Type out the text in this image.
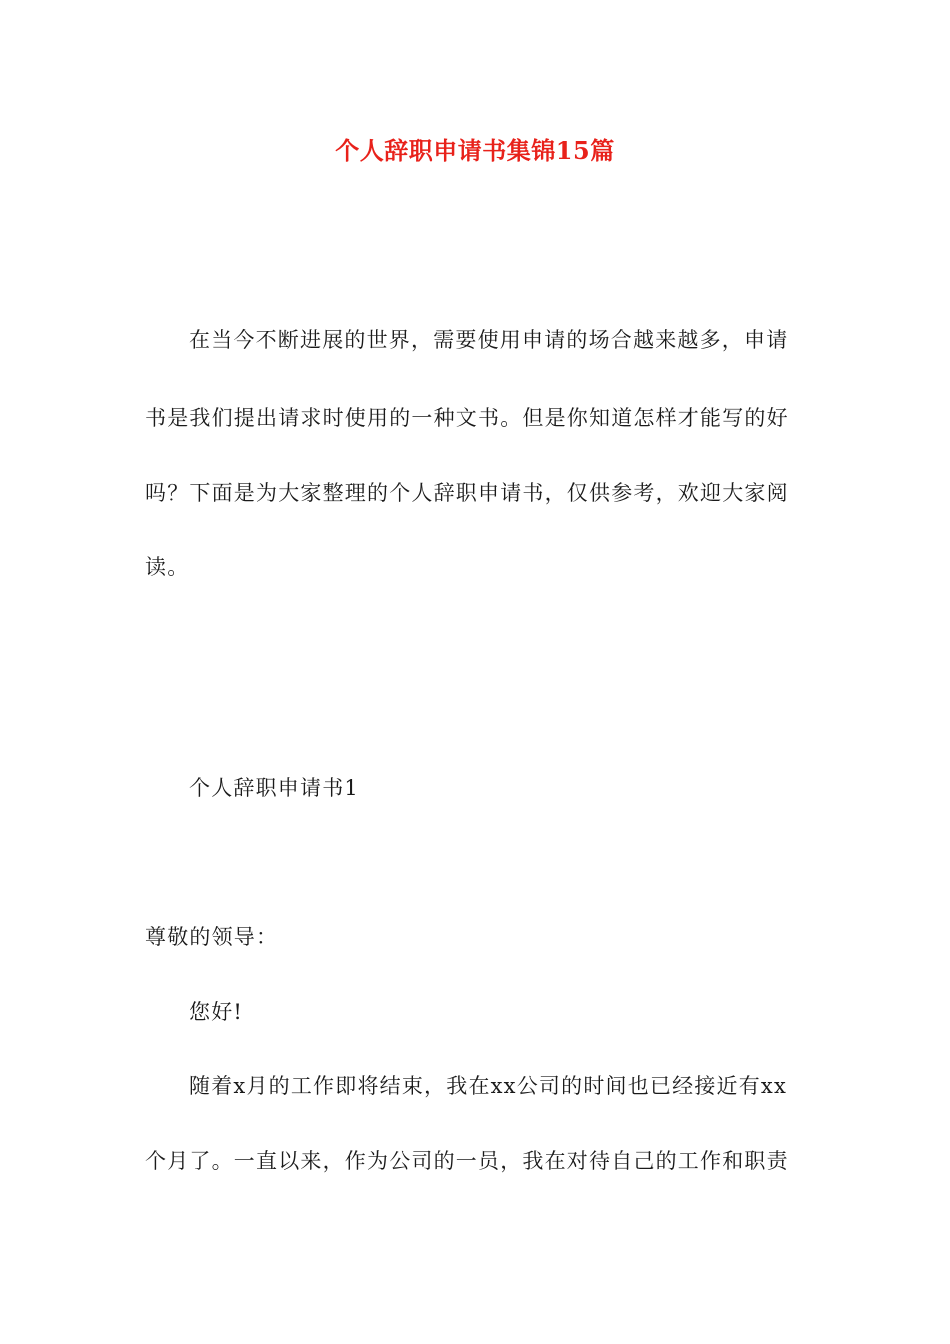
个人辞职申请书集锦15篇
在当今不断进展的世界，需要使用申请的场合越来越多，申请
书是我们提出请求时使用的一种文书。但是你知道怎样才能写的好
吗？下面是为大家整理的个人辞职申请书，仅供参考，欢迎大家阅
读。
个人辞职申请书1
尊敬的领导：
您好!
随着x月的工作即将结束，我在xx公司的时间也已经接近有xx
个月了。一直以来，作为公司的一员，我在对待自己的工作和职责
